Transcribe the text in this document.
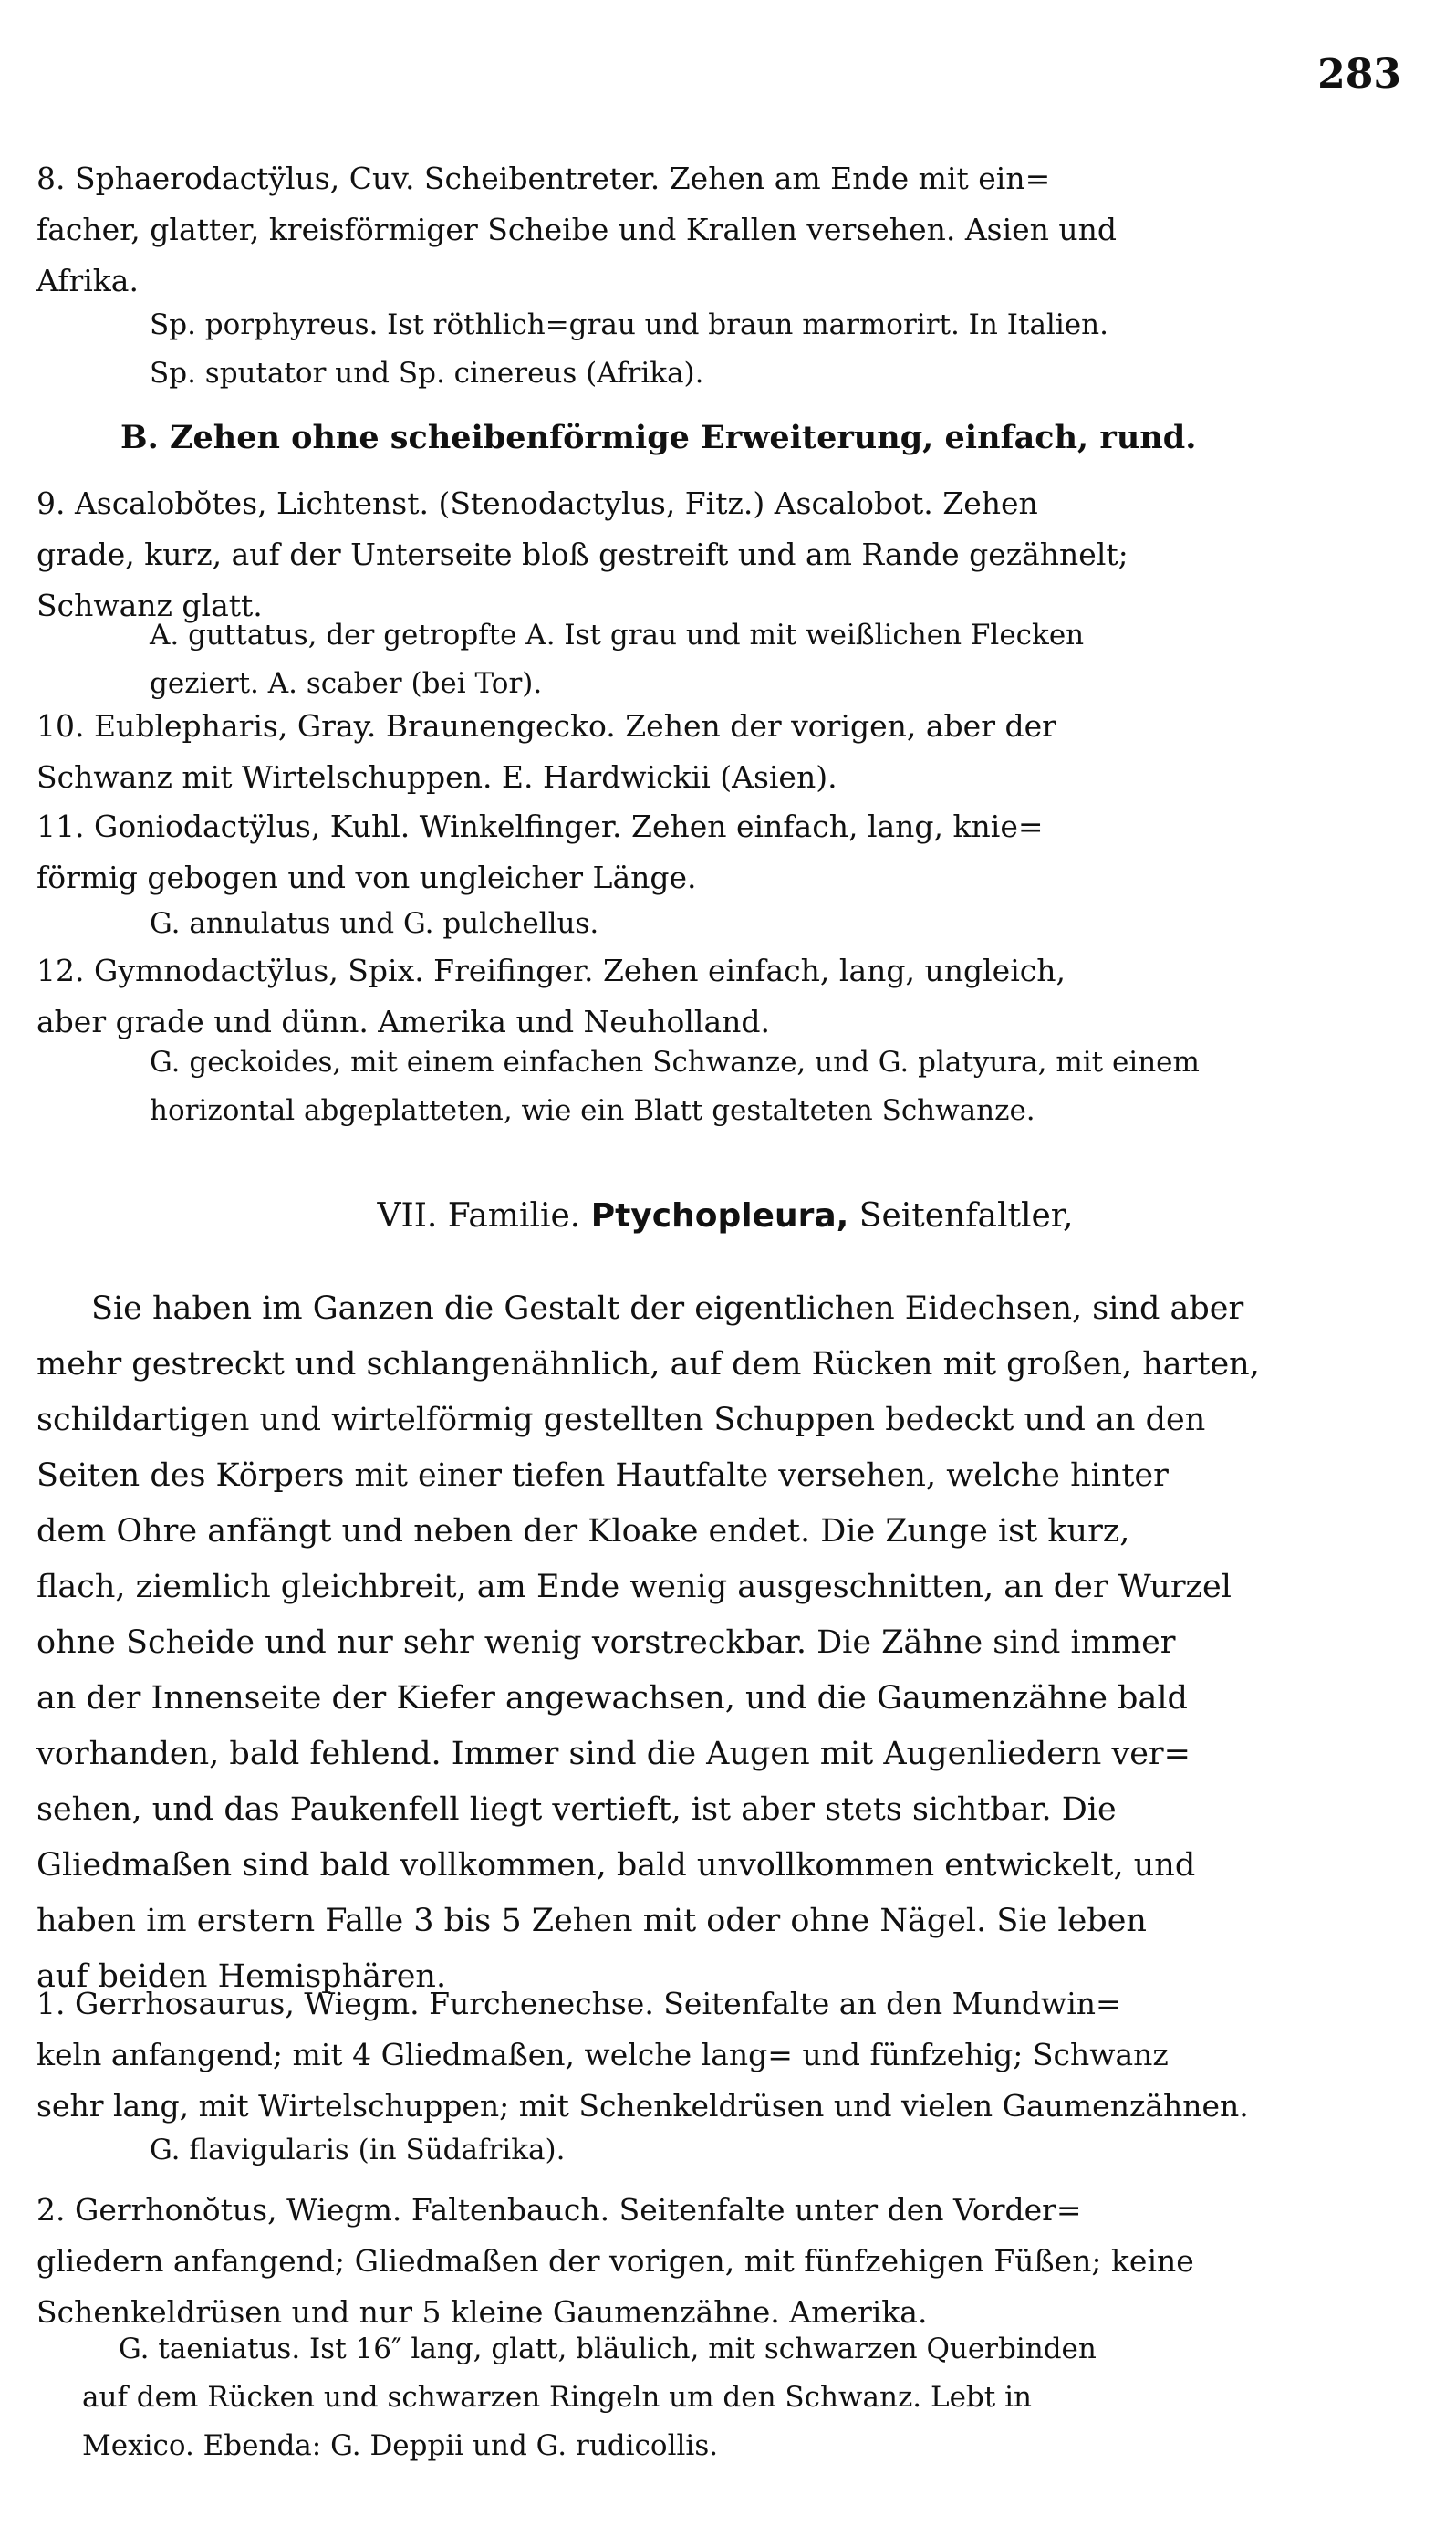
283
8. Sphaerodactÿlus, Cuv. Scheibentreter. Zehen am Ende mit ein=
facher, glatter, kreisförmiger Scheibe und Krallen versehen. Asien und
Afrika.
Sp. porphyreus. Ist röthlich=grau und braun marmorirt. In Italien.
Sp. sputator und Sp. cinereus (Afrika).
B. Zehen ohne scheibenförmige Erweiterung, einfach, rund.
9. Ascalobŏtes, Lichtenst. (Stenodactylus, Fitz.) Ascalobot. Zehen
grade, kurz, auf der Unterseite bloß gestreift und am Rande gezähnelt;
Schwanz glatt.
A. guttatus, der getropfte A. Ist grau und mit weißlichen Flecken
geziert. A. scaber (bei Tor).
10. Eublepharis, Gray. Braunengecko. Zehen der vorigen, aber der
Schwanz mit Wirtelschuppen. E. Hardwickii (Asien).
11. Goniodactÿlus, Kuhl. Winkelfinger. Zehen einfach, lang, knie=
förmig gebogen und von ungleicher Länge.
G. annulatus und G. pulchellus.
12. Gymnodactÿlus, Spix. Freifinger. Zehen einfach, lang, ungleich,
aber grade und dünn. Amerika und Neuholland.
G. geckoides, mit einem einfachen Schwanze, und G. platyura, mit einem
horizontal abgeplatteten, wie ein Blatt gestalteten Schwanze.
VII. Familie. Ptychopleura, Seitenfaltler,
Sie haben im Ganzen die Gestalt der eigentlichen Eidechsen, sind aber
mehr gestreckt und schlangenähnlich, auf dem Rücken mit großen, harten,
schildartigen und wirtelförmig gestellten Schuppen bedeckt und an den
Seiten des Körpers mit einer tiefen Hautfalte versehen, welche hinter
dem Ohre anfängt und neben der Kloake endet. Die Zunge ist kurz,
flach, ziemlich gleichbreit, am Ende wenig ausgeschnitten, an der Wurzel
ohne Scheide und nur sehr wenig vorstreckbar. Die Zähne sind immer
an der Innenseite der Kiefer angewachsen, und die Gaumenzähne bald
vorhanden, bald fehlend. Immer sind die Augen mit Augenliedern ver=
sehen, und das Paukenfell liegt vertieft, ist aber stets sichtbar. Die
Gliedmaßen sind bald vollkommen, bald unvollkommen entwickelt, und
haben im erstern Falle 3 bis 5 Zehen mit oder ohne Nägel. Sie leben
auf beiden Hemisphären.
1. Gerrhosaurus, Wiegm. Furchenechse. Seitenfalte an den Mundwin=
keln anfangend; mit 4 Gliedmaßen, welche lang= und fünfzehig; Schwanz
sehr lang, mit Wirtelschuppen; mit Schenkeldrüsen und vielen Gaumenzähnen.
G. flavigularis (in Südafrika).
2. Gerrhonŏtus, Wiegm. Faltenbauch. Seitenfalte unter den Vorder=
gliedern anfangend; Gliedmaßen der vorigen, mit fünfzehigen Füßen; keine
Schenkeldrüsen und nur 5 kleine Gaumenzähne. Amerika.
G. taeniatus. Ist 16″ lang, glatt, bläulich, mit schwarzen Querbinden
auf dem Rücken und schwarzen Ringeln um den Schwanz. Lebt in
Mexico. Ebenda: G. Deppii und G. rudicollis.
